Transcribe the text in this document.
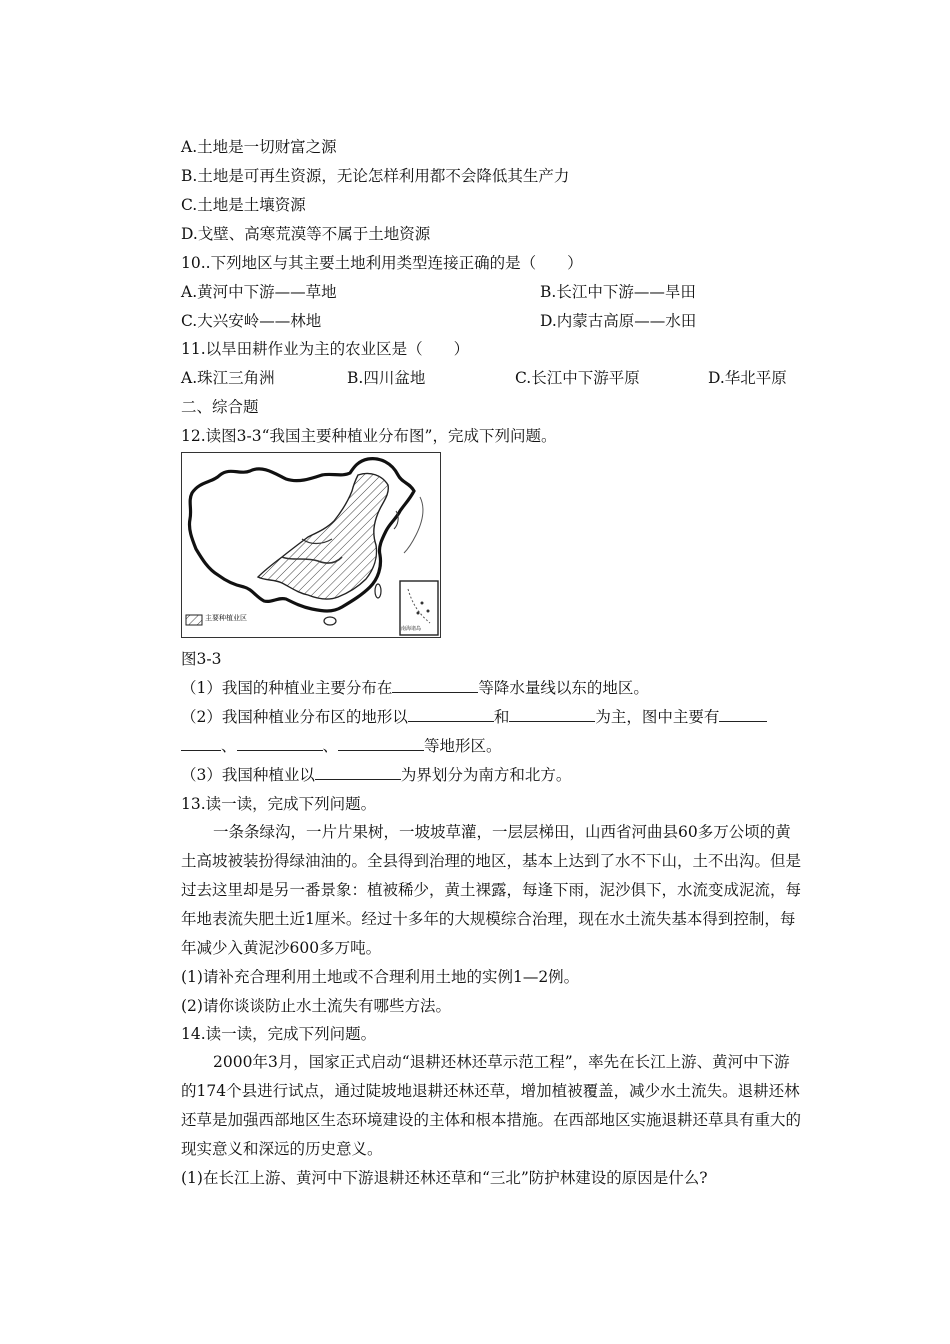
A.土地是一切财富之源
B.土地是可再生资源，无论怎样利用都不会降低其生产力
C.土地是土壤资源
D.戈壁、高寒荒漠等不属于土地资源
10..下列地区与其主要土地利用类型连接正确的是（　　）
A.黄河中下游——草地	B.长江中下游——旱田
C.大兴安岭——林地	D.内蒙古高原——水田
11.以旱田耕作业为主的农业区是（　　）
A.珠江三角洲	B.四川盆地	C.长江中下游平原	D.华北平原
二、综合题
12.读图3-3“我国主要种植业分布图”，完成下列问题。
主要种植业区
南海诸岛
图3-3
（1）我国的种植业主要分布在	等降水量线以东的地区。
（2）我国种植业分布区的地形以	和	为主，图中主要有
、	、	等地形区。
（3）我国种植业以	为界划分为南方和北方。
13.读一读，完成下列问题。
一条条绿沟，一片片果树，一坡坡草灌，一层层梯田，山西省河曲县60多万公顷的黄土高坡被装扮得绿油油的。全县得到治理的地区，基本上达到了水不下山，土不出沟。但是过去这里却是另一番景象：植被稀少，黄土裸露，每逢下雨，泥沙俱下，水流变成泥流，每年地表流失肥土近1厘米。经过十多年的大规模综合治理，现在水土流失基本得到控制，每年减少入黄泥沙600多万吨。
(1)请补充合理利用土地或不合理利用土地的实例1—2例。
(2)请你谈谈防止水土流失有哪些方法。
14.读一读，完成下列问题。
2000年3月，国家正式启动“退耕还林还草示范工程”，率先在长江上游、黄河中下游的174个县进行试点，通过陡坡地退耕还林还草，增加植被覆盖，减少水土流失。退耕还林还草是加强西部地区生态环境建设的主体和根本措施。在西部地区实施退耕还草具有重大的现实意义和深远的历史意义。
(1)在长江上游、黄河中下游退耕还林还草和“三北”防护林建设的原因是什么?
